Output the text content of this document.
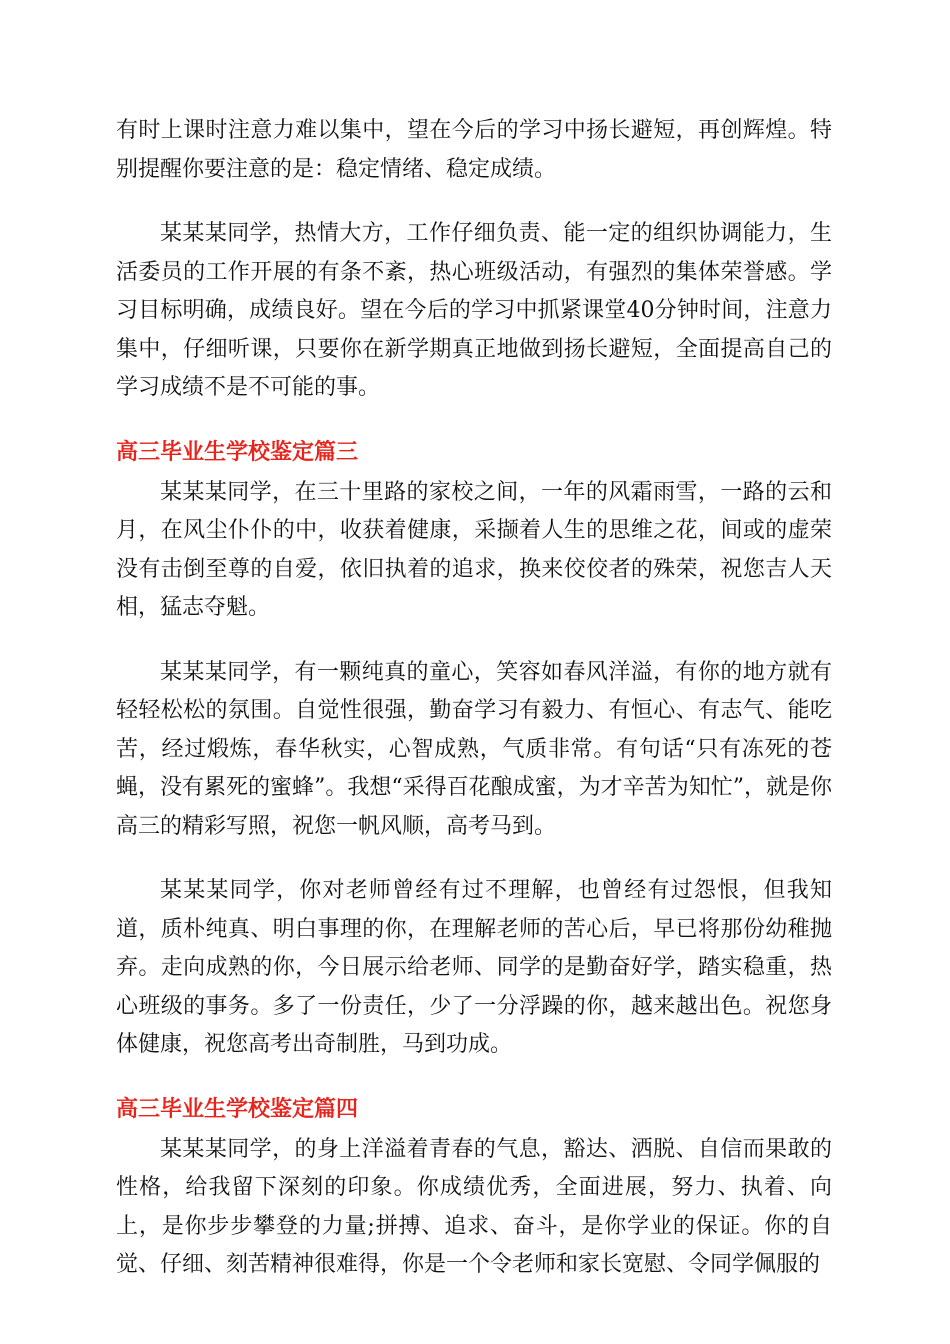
有时上课时注意力难以集中，望在今后的学习中扬长避短，再创辉煌。特别提醒你要注意的是：稳定情绪、稳定成绩。

某某某同学，热情大方，工作仔细负责、能一定的组织协调能力，生活委员的工作开展的有条不紊，热心班级活动，有强烈的集体荣誉感。学习目标明确，成绩良好。望在今后的学习中抓紧课堂40分钟时间，注意力集中，仔细听课，只要你在新学期真正地做到扬长避短，全面提高自己的学习成绩不是不可能的事。

高三毕业生学校鉴定篇三

某某某同学，在三十里路的家校之间，一年的风霜雨雪，一路的云和月，在风尘仆仆的中，收获着健康，采撷着人生的思维之花，间或的虚荣没有击倒至尊的自爱，依旧执着的追求，换来佼佼者的殊荣，祝您吉人天相，猛志夺魁。

某某某同学，有一颗纯真的童心，笑容如春风洋溢，有你的地方就有轻轻松松的氛围。自觉性很强，勤奋学习有毅力、有恒心、有志气、能吃苦，经过煅炼，春华秋实，心智成熟，气质非常。有句话“只有冻死的苍蝇，没有累死的蜜蜂”。我想“采得百花酿成蜜，为才辛苦为知忙”，就是你高三的精彩写照，祝您一帆风顺，高考马到。

某某某同学，你对老师曾经有过不理解，也曾经有过怨恨，但我知道，质朴纯真、明白事理的你，在理解老师的苦心后，早已将那份幼稚抛弃。走向成熟的你，今日展示给老师、同学的是勤奋好学，踏实稳重，热心班级的事务。多了一份责任，少了一分浮躁的你，越来越出色。祝您身体健康，祝您高考出奇制胜，马到功成。

高三毕业生学校鉴定篇四

某某某同学，的身上洋溢着青春的气息，豁达、洒脱、自信而果敢的性格，给我留下深刻的印象。你成绩优秀，全面进展，努力、执着、向上，是你步步攀登的力量;拼搏、追求、奋斗，是你学业的保证。你的自觉、仔细、刻苦精神很难得，你是一个令老师和家长宽慰、令同学佩服的
